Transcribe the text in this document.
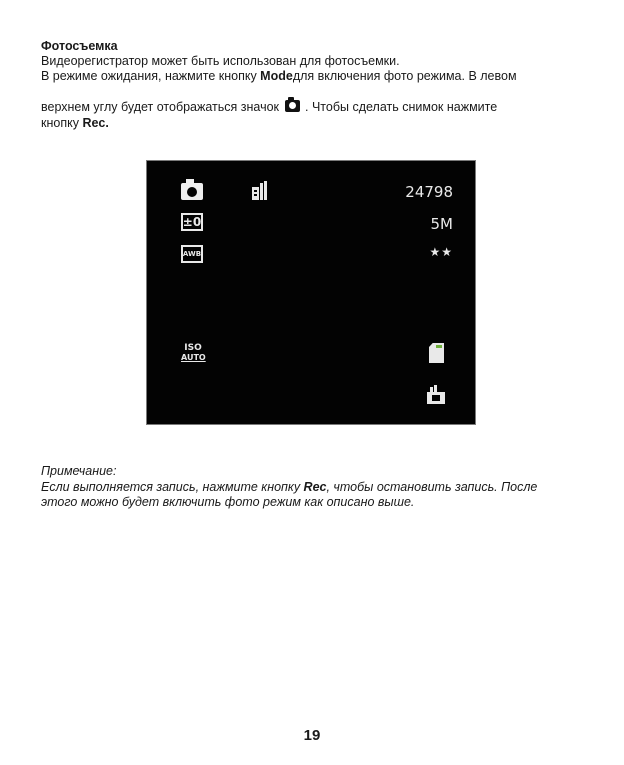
Фотосъемка

Видеорегистратор может быть использован для фотосъемки.

В режиме ожидания, нажмите кнопку Modeдля включения фото режима. В левом

верхнем углу будет отображаться значок . Чтобы сделать снимок нажмите

кнопку Rec.

±0
AWB
24798
5M
★★
ISO
AUTO

Примечание:

Если выполняется запись, нажмите кнопку Rec, чтобы остановить запись. После

этого можно будет включить фото режим как описано выше.

19
